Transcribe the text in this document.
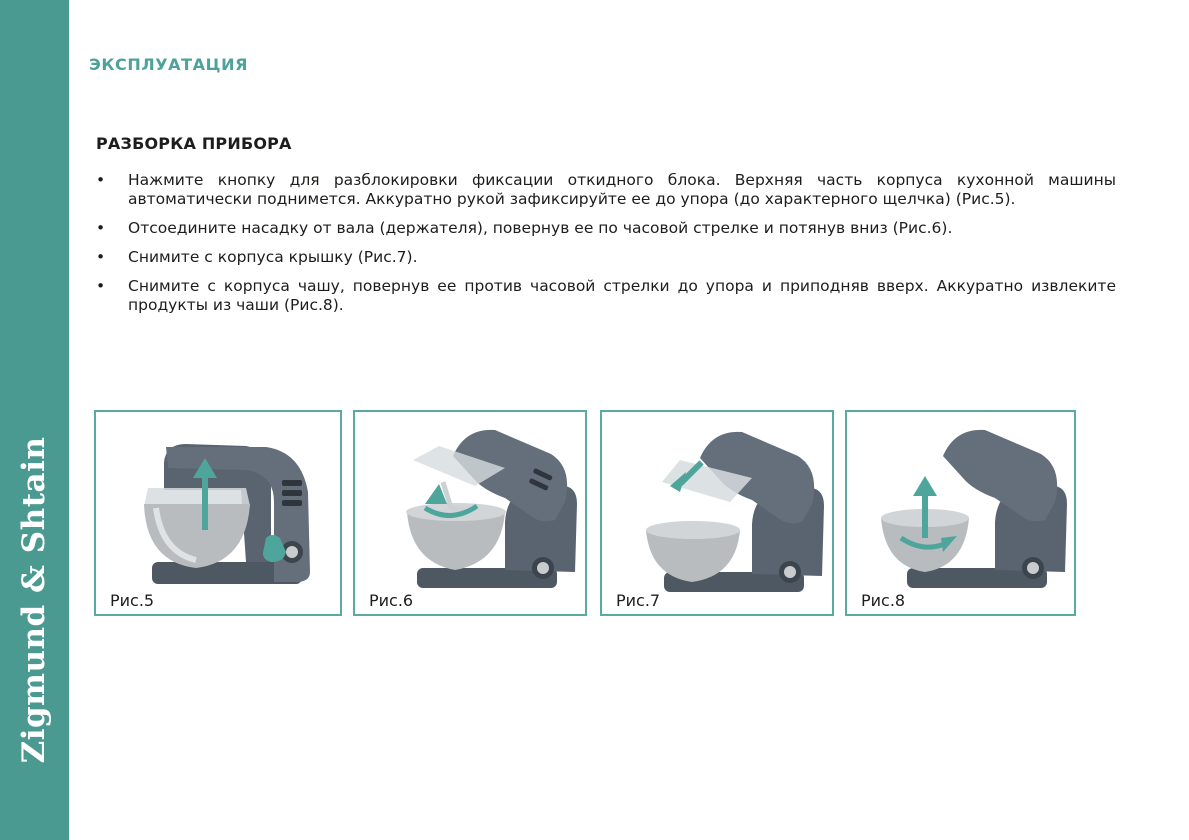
Zigmund & Shtain
ЭКСПЛУАТАЦИЯ
РАЗБОРКА ПРИБОРА
• Нажмите кнопку для разблокировки фиксации откидного блока. Верхняя часть корпуса кухонной машины автоматически поднимется. Аккуратно рукой зафиксируйте ее до упора (до характерного щелчка) (Рис.5).
• Отсоедините насадку от вала (держателя), повернув ее по часовой стрелке и потянув вниз (Рис.6).
• Снимите с корпуса крышку (Рис.7).
• Снимите с корпуса чашу, повернув ее против часовой стрелки до упора и приподняв вверх. Аккуратно извлеките продукты из чаши (Рис.8).
Рис.5	Рис.6	Рис.7	Рис.8
